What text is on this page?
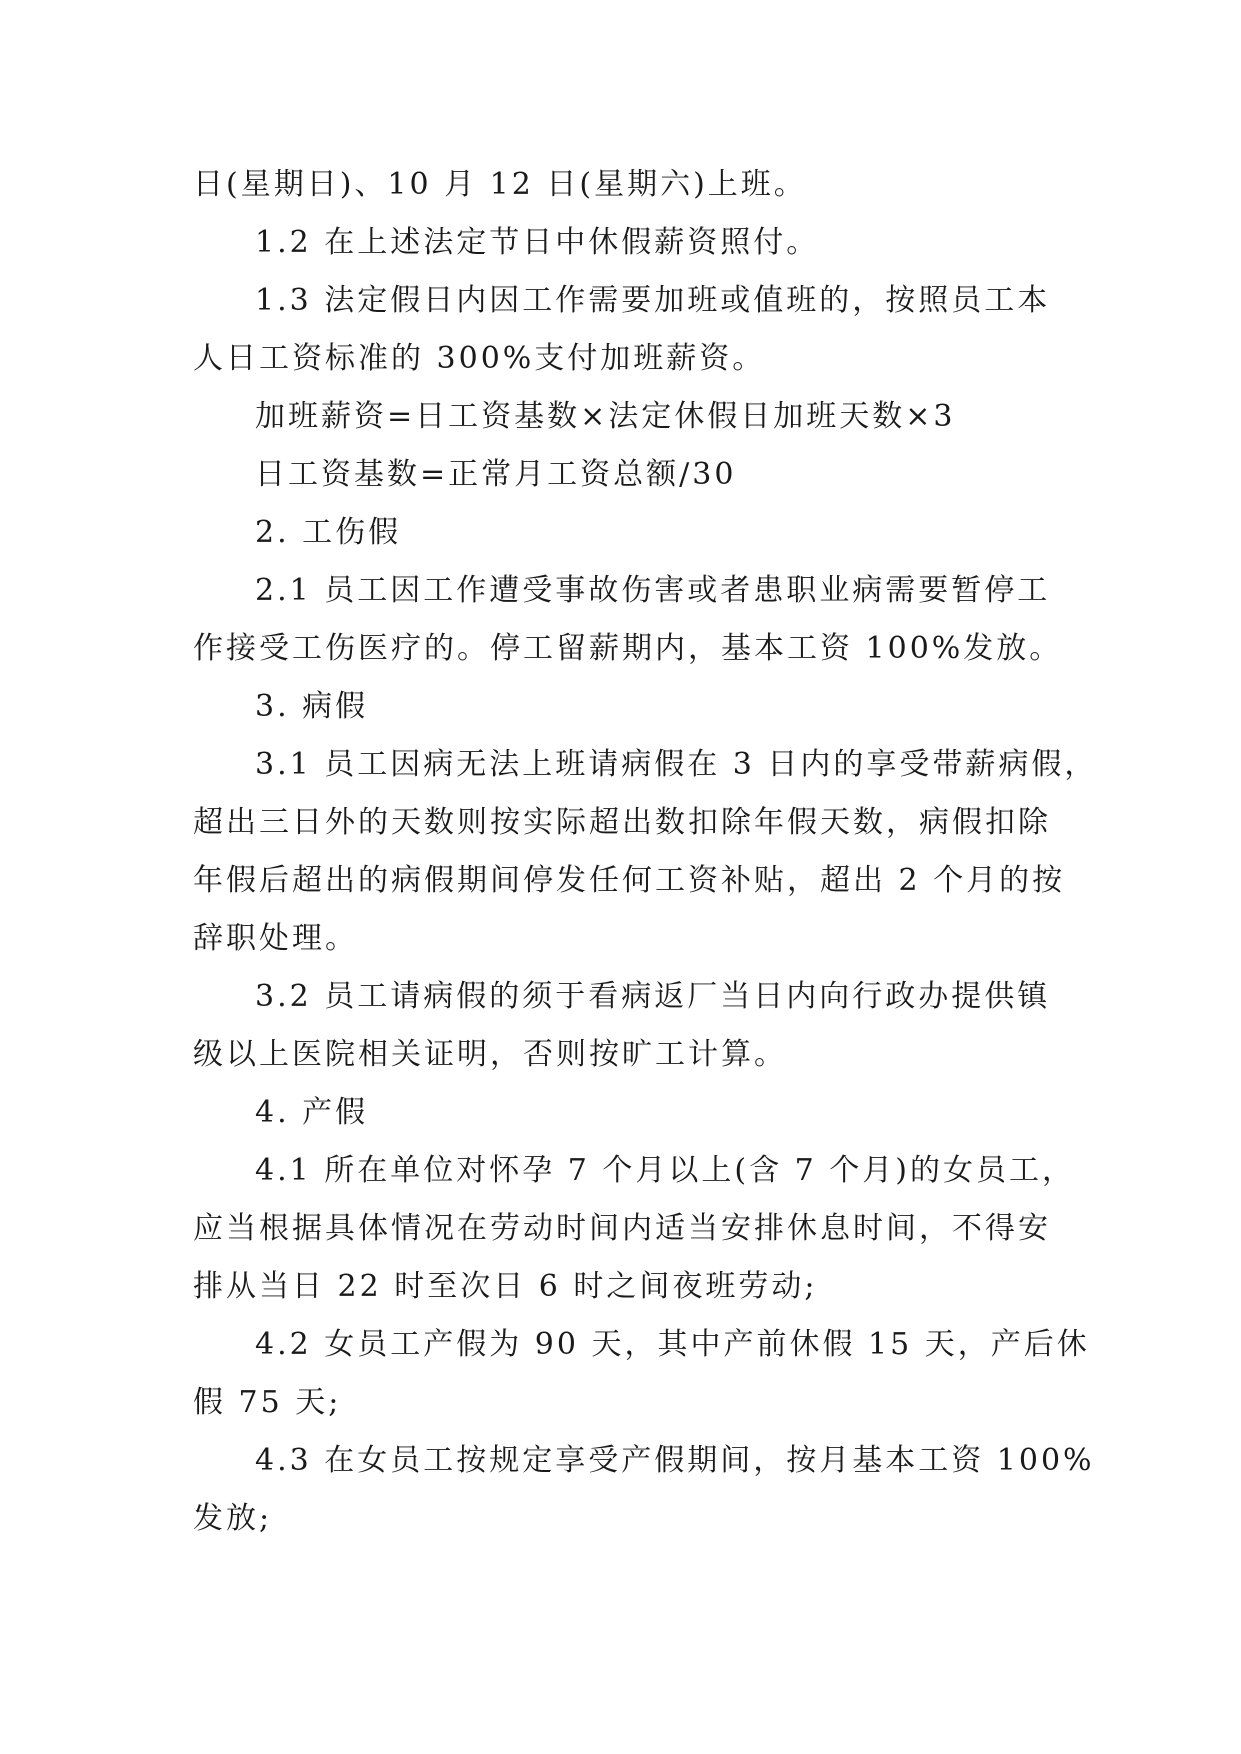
日(星期日)、10 月 12 日(星期六)上班。
1.2 在上述法定节日中休假薪资照付。
1.3 法定假日内因工作需要加班或值班的，按照员工本
人日工资标准的 300%支付加班薪资。
加班薪资=日工资基数×法定休假日加班天数×3
日工资基数=正常月工资总额/30
2. 工伤假
2.1 员工因工作遭受事故伤害或者患职业病需要暂停工
作接受工伤医疗的。停工留薪期内，基本工资 100%发放。
3. 病假
3.1 员工因病无法上班请病假在 3 日内的享受带薪病假，
超出三日外的天数则按实际超出数扣除年假天数，病假扣除
年假后超出的病假期间停发任何工资补贴，超出 2 个月的按
辞职处理。
3.2 员工请病假的须于看病返厂当日内向行政办提供镇
级以上医院相关证明，否则按旷工计算。
4. 产假
4.1 所在单位对怀孕 7 个月以上(含 7 个月)的女员工，
应当根据具体情况在劳动时间内适当安排休息时间，不得安
排从当日 22 时至次日 6 时之间夜班劳动;
4.2 女员工产假为 90 天，其中产前休假 15 天，产后休
假 75 天;
4.3 在女员工按规定享受产假期间，按月基本工资 100%
发放;
